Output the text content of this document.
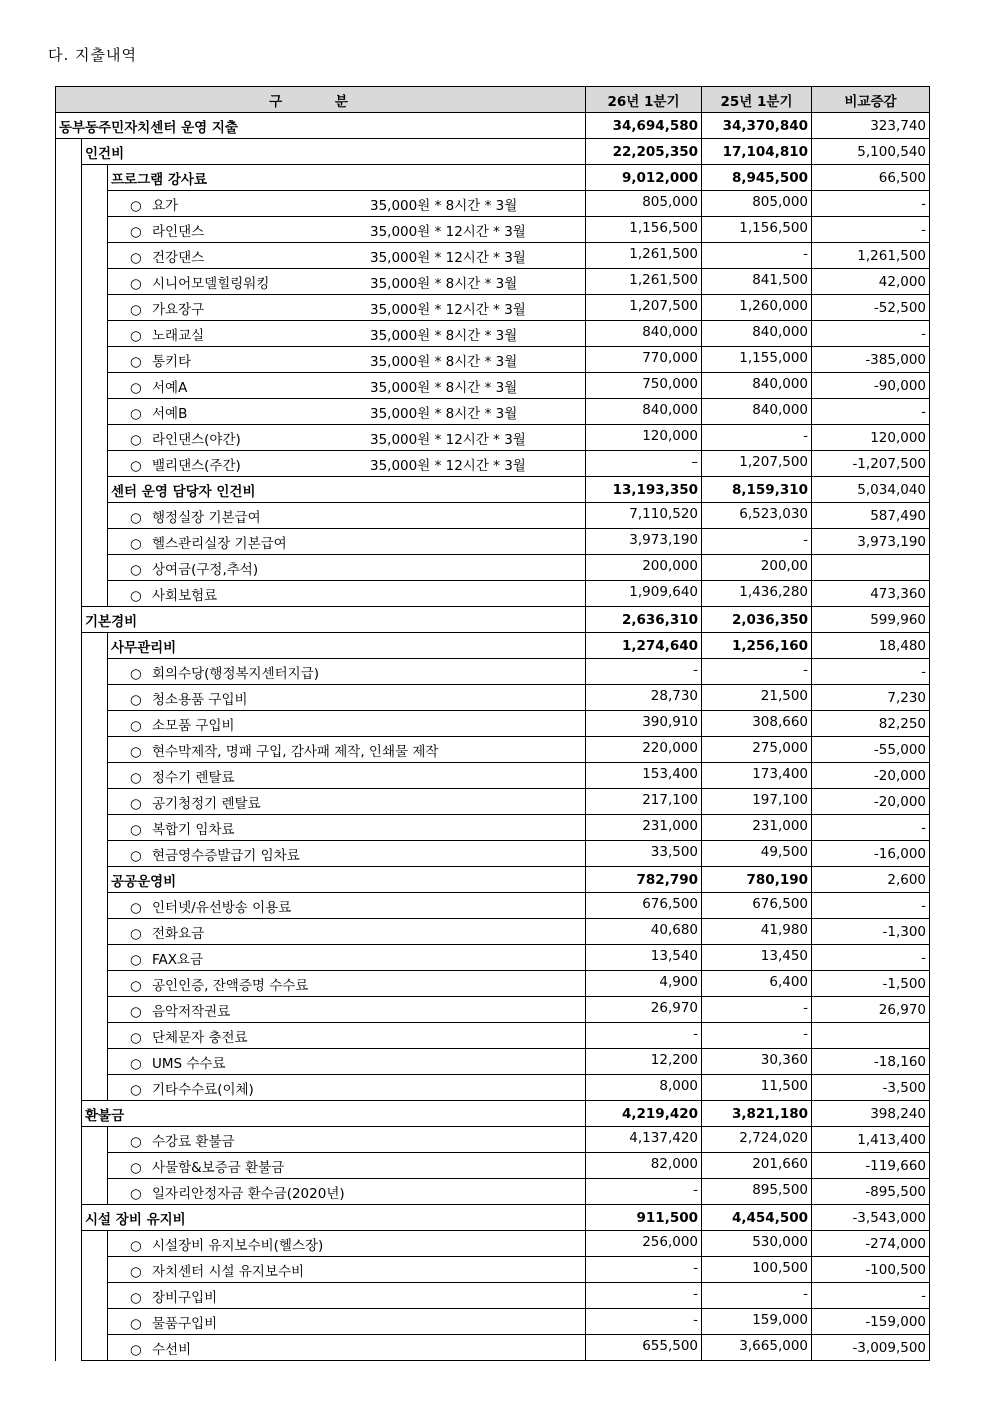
다. 지출내역
구 분			26년 1분기	25년 1분기	비교증감
동부동주민자치센터 운영 지출			34,694,580	34,370,840	323,740
	인건비		22,205,350	17,104,810	5,100,540
		프로그램 강사료	9,012,000	8,945,500	66,500
		○ 요가 35,000원 * 8시간 * 3월	805,000	805,000	-
		○ 라인댄스 35,000원 * 12시간 * 3월	1,156,500	1,156,500	-
		○ 건강댄스 35,000원 * 12시간 * 3월	1,261,500	-	1,261,500
		○ 시니어모델힐링워킹 35,000원 * 8시간 * 3월	1,261,500	841,500	42,000
		○ 가요장구 35,000원 * 12시간 * 3월	1,207,500	1,260,000	-52,500
		○ 노래교실 35,000원 * 8시간 * 3월	840,000	840,000	-
		○ 통키타 35,000원 * 8시간 * 3월	770,000	1,155,000	-385,000
		○ 서예A 35,000원 * 8시간 * 3월	750,000	840,000	-90,000
		○ 서예B 35,000원 * 8시간 * 3월	840,000	840,000	-
		○ 라인댄스(야간) 35,000원 * 12시간 * 3월	120,000	-	120,000
		○ 밸리댄스(주간) 35,000원 * 12시간 * 3월	–	1,207,500	-1,207,500
		센터 운영 담당자 인건비	13,193,350	8,159,310	5,034,040
		○ 행정실장 기본급여	7,110,520	6,523,030	587,490
		○ 헬스관리실장 기본급여	3,973,190	-	3,973,190
		○ 상여금(구정,추석)	200,000	200,00	
		○ 사회보험료	1,909,640	1,436,280	473,360
	기본경비		2,636,310	2,036,350	599,960
		사무관리비	1,274,640	1,256,160	18,480
		○ 회의수당(행정복지센터지급)	-	-	-
		○ 청소용품 구입비	28,730	21,500	7,230
		○ 소모품 구입비	390,910	308,660	82,250
		○ 현수막제작, 명패 구입, 감사패 제작, 인쇄물 제작	220,000	275,000	-55,000
		○ 정수기 렌탈료	153,400	173,400	-20,000
		○ 공기청정기 렌탈료	217,100	197,100	-20,000
		○ 복합기 임차료	231,000	231,000	-
		○ 현금영수증발급기 임차료	33,500	49,500	-16,000
		공공운영비	782,790	780,190	2,600
		○ 인터넷/유선방송 이용료	676,500	676,500	-
		○ 전화요금	40,680	41,980	-1,300
		○ FAX요금	13,540	13,450	-
		○ 공인인증, 잔액증명 수수료	4,900	6,400	-1,500
		○ 음악저작권료	26,970	-	26,970
		○ 단체문자 충전료	-	-	
		○ UMS 수수료	12,200	30,360	-18,160
		○ 기타수수료(이체)	8,000	11,500	-3,500
	환불금		4,219,420	3,821,180	398,240
		○ 수강료 환불금	4,137,420	2,724,020	1,413,400
		○ 사물함&보증금 환불금	82,000	201,660	-119,660
		○ 일자리안정자금 환수금(2020년)	-	895,500	-895,500
	시설 장비 유지비		911,500	4,454,500	-3,543,000
		○ 시설장비 유지보수비(헬스장)	256,000	530,000	-274,000
		○ 자치센터 시설 유지보수비	-	100,500	-100,500
		○ 장비구입비	-	-	-
		○ 물품구입비	-	159,000	-159,000
		○ 수선비	655,500	3,665,000	-3,009,500
